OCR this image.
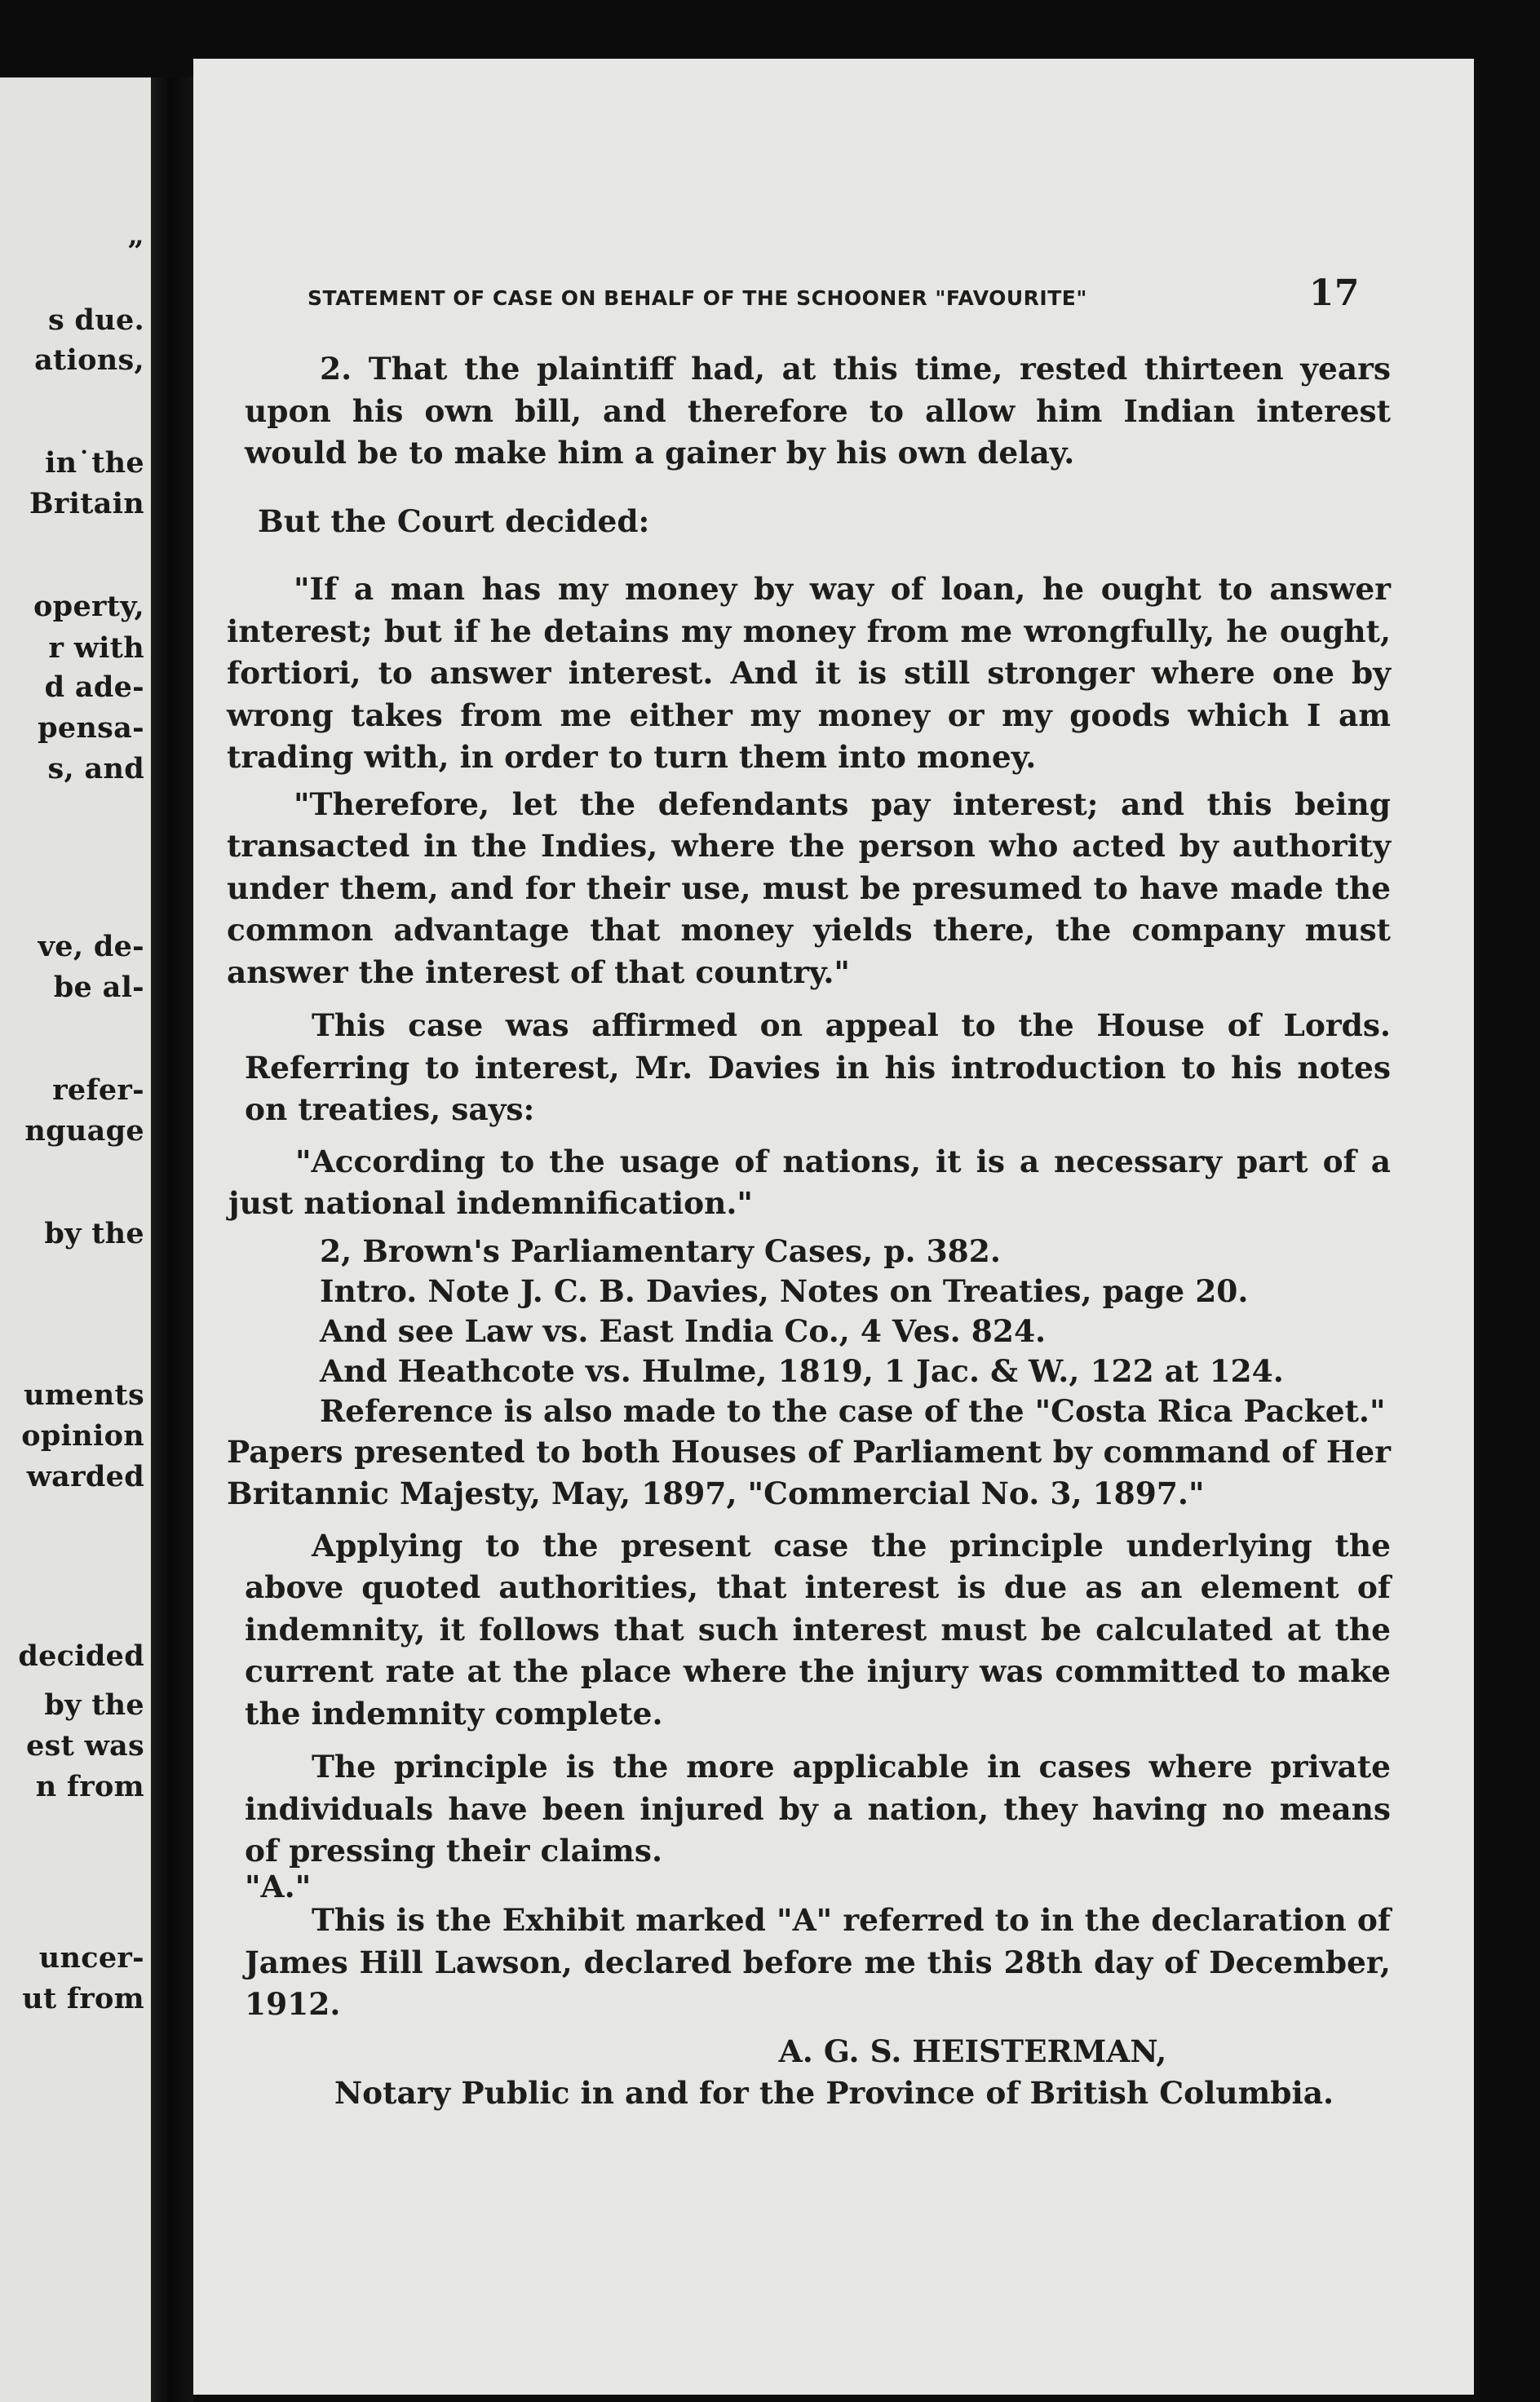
„
s due.
ations,
in˙the
Britain
operty,
r with
d ade-
pensa-
s, and
ve, de-
be al-
refer-
nguage
by the
uments
opinion
warded
decided
by the
est was
n from
uncer-
ut from
STATEMENT OF CASE ON BEHALF OF THE SCHOONER "FAVOURITE"	17

2. That the plaintiff had, at this time, rested thirteen years upon his own bill, and therefore to allow him Indian interest would be to make him a gainer by his own delay.

But the Court decided:

"If a man has my money by way of loan, he ought to answer interest; but if he detains my money from me wrongfully, he ought, fortiori, to answer interest. And it is still stronger where one by wrong takes from me either my money or my goods which I am trading with, in order to turn them into money.

"Therefore, let the defendants pay interest; and this being transacted in the Indies, where the person who acted by authority under them, and for their use, must be presumed to have made the common advantage that money yields there, the company must answer the interest of that country."

This case was affirmed on appeal to the House of Lords. Referring to interest, Mr. Davies in his introduction to his notes on treaties, says:

"According to the usage of nations, it is a necessary part of a just national indemnification."

2, Brown's Parliamentary Cases, p. 382.

Intro. Note J. C. B. Davies, Notes on Treaties, page 20.

And see Law vs. East India Co., 4 Ves. 824.

And Heathcote vs. Hulme, 1819, 1 Jac. & W., 122 at 124.

Reference is also made to the case of the "Costa Rica Packet."

Papers presented to both Houses of Parliament by command of Her Britannic Majesty, May, 1897, "Commercial No. 3, 1897."

Applying to the present case the principle underlying the above quoted authorities, that interest is due as an element of indemnity, it follows that such interest must be calculated at the current rate at the place where the injury was committed to make the indemnity complete.

The principle is the more applicable in cases where private individuals have been injured by a nation, they having no means of pressing their claims.

"A."

This is the Exhibit marked "A" referred to in the declaration of James Hill Lawson, declared before me this 28th day of December, 1912.

A. G. S. HEISTERMAN,

Notary Public in and for the Province of British Columbia.
